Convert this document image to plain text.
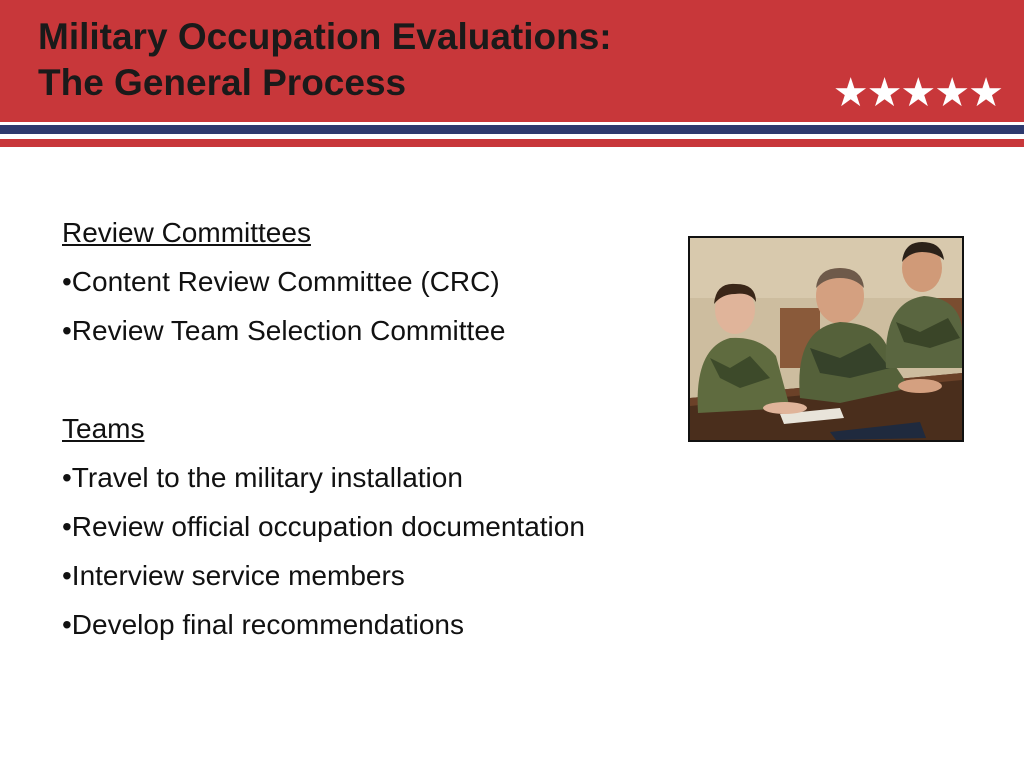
Military Occupation Evaluations:
The General Process	★★★★★
Review Committees
•Content Review Committee (CRC)
•Review Team Selection Committee
Teams
•Travel to the military installation
•Review official occupation documentation
•Interview service members
•Develop final recommendations
